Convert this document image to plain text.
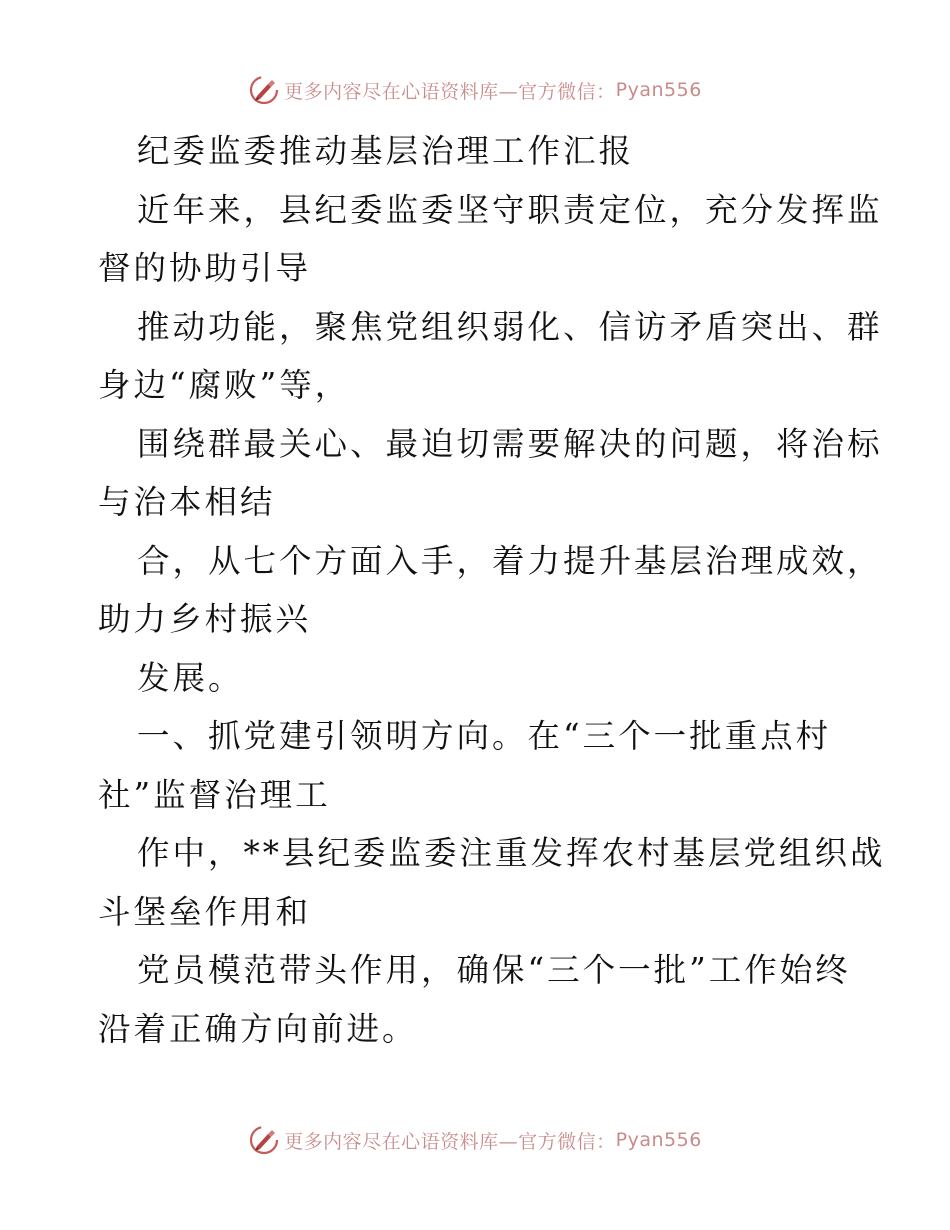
更多内容尽在心语资料库—官方微信： Pyan556

纪委监委推动基层治理工作汇报

近年来，县纪委监委坚守职责定位，充分发挥监

督的协助引导

推动功能，聚焦党组织弱化、信访矛盾突出、群

身边“腐败”等，

围绕群最关心、最迫切需要解决的问题，将治标

与治本相结

合，从七个方面入手，着力提升基层治理成效，

助力乡村振兴

发展。

一、抓党建引领明方向。在“三个一批重点村

社”监督治理工

作中，**县纪委监委注重发挥农村基层党组织战

斗堡垒作用和

党员模范带头作用，确保“三个一批”工作始终

沿着正确方向前进。

更多内容尽在心语资料库—官方微信： Pyan556
